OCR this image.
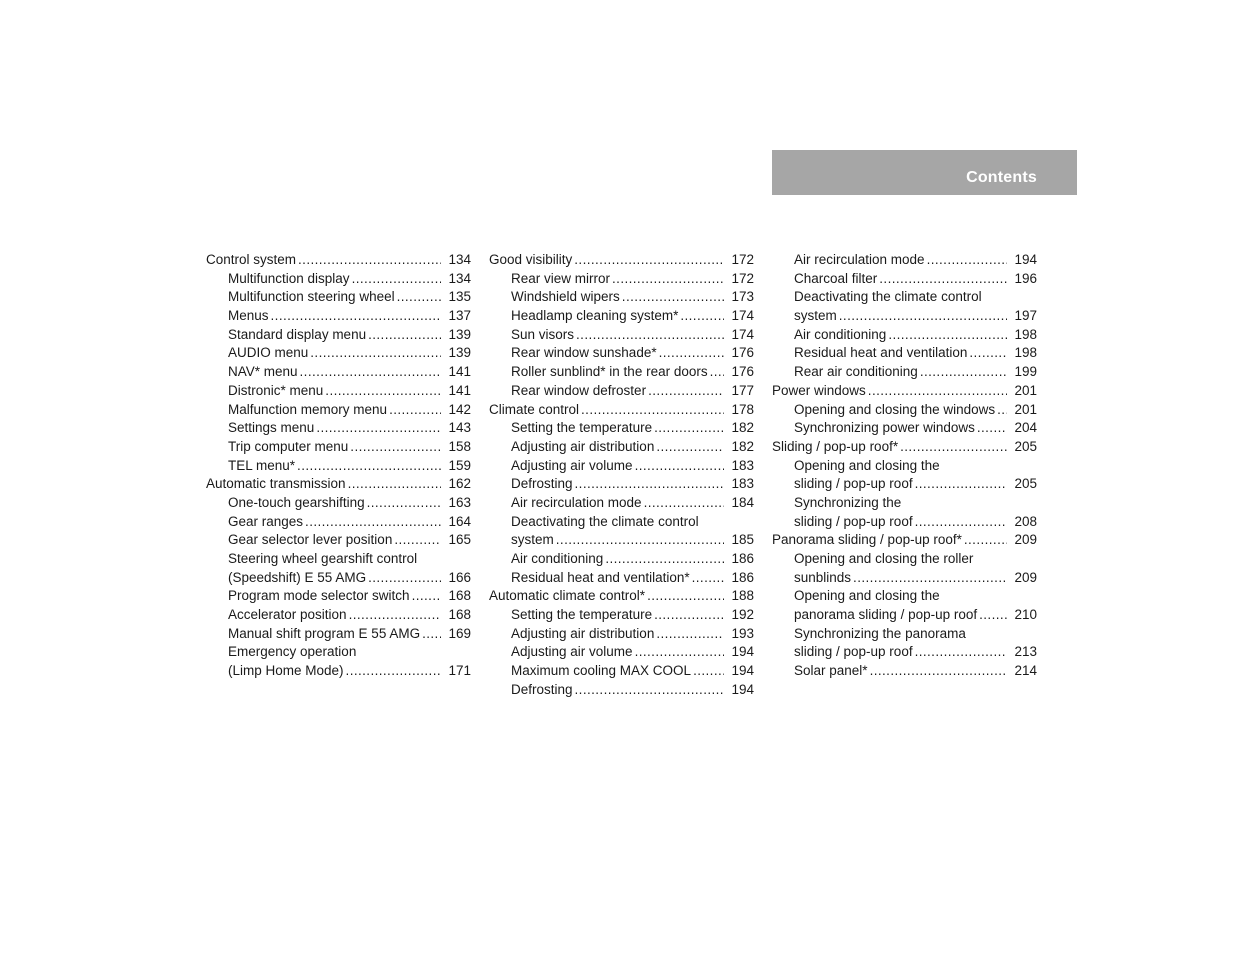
Contents
Control system .....	134
Multifunction display .....	134
Multifunction steering wheel .....	135
Menus .....	137
Standard display menu .....	139
AUDIO menu .....	139
NAV* menu .....	141
Distronic* menu .....	141
Malfunction memory menu .....	142
Settings menu .....	143
Trip computer menu .....	158
TEL menu* .....	159
Automatic transmission .....	162
One-touch gearshifting .....	163
Gear ranges .....	164
Gear selector lever position .....	165
Steering wheel gearshift control
(Speedshift) E 55 AMG .....	166
Program mode selector switch .....	168
Accelerator position .....	168
Manual shift program E 55 AMG .....	169
Emergency operation
(Limp Home Mode) .....	171
Good visibility .....	172
Rear view mirror .....	172
Windshield wipers .....	173
Headlamp cleaning system* .....	174
Sun visors .....	174
Rear window sunshade* .....	176
Roller sunblind* in the rear doors .....	176
Rear window defroster .....	177
Climate control .....	178
Setting the temperature .....	182
Adjusting air distribution .....	182
Adjusting air volume .....	183
Defrosting .....	183
Air recirculation mode .....	184
Deactivating the climate control
system .....	185
Air conditioning .....	186
Residual heat and ventilation* .....	186
Automatic climate control* .....	188
Setting the temperature .....	192
Adjusting air distribution .....	193
Adjusting air volume .....	194
Maximum cooling MAX COOL .....	194
Defrosting .....	194
Air recirculation mode .....	194
Charcoal filter .....	196
Deactivating the climate control
system .....	197
Air conditioning .....	198
Residual heat and ventilation .....	198
Rear air conditioning .....	199
Power windows .....	201
Opening and closing the windows .....	201
Synchronizing power windows .....	204
Sliding / pop-up roof* .....	205
Opening and closing the
sliding / pop-up roof .....	205
Synchronizing the
sliding / pop-up roof .....	208
Panorama sliding / pop-up roof* .....	209
Opening and closing the roller
sunblinds .....	209
Opening and closing the
panorama sliding / pop-up roof .....	210
Synchronizing the panorama
sliding / pop-up roof .....	213
Solar panel* .....	214
